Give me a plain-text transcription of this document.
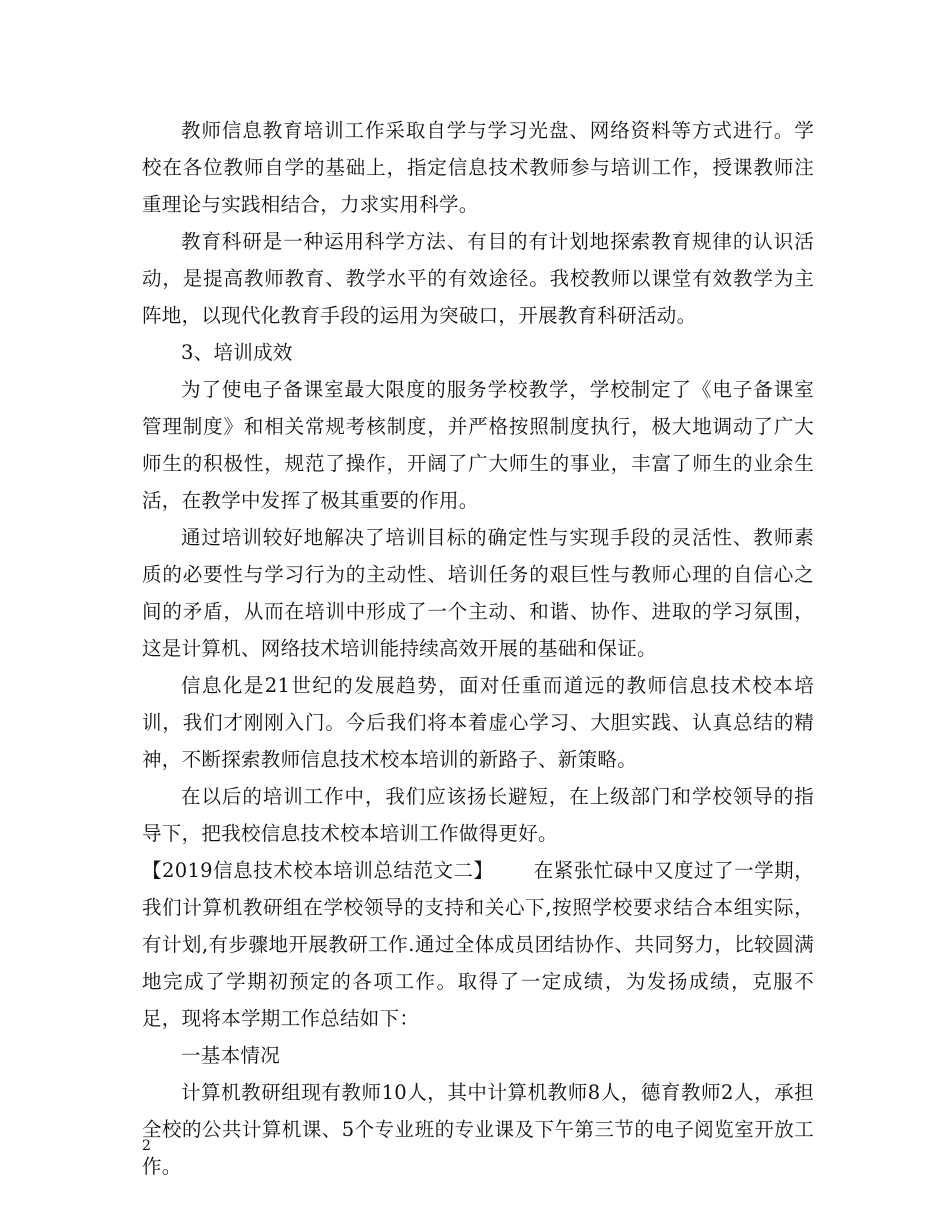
教师信息教育培训工作采取自学与学习光盘、网络资料等方式进行。学校在各位教师自学的基础上，指定信息技术教师参与培训工作，授课教师注重理论与实践相结合，力求实用科学。

教育科研是一种运用科学方法、有目的有计划地探索教育规律的认识活动，是提高教师教育、教学水平的有效途径。我校教师以课堂有效教学为主阵地，以现代化教育手段的运用为突破口，开展教育科研活动。

3、培训成效

为了使电子备课室最大限度的服务学校教学，学校制定了《电子备课室管理制度》和相关常规考核制度，并严格按照制度执行，极大地调动了广大师生的积极性，规范了操作，开阔了广大师生的事业，丰富了师生的业余生活，在教学中发挥了极其重要的作用。

通过培训较好地解决了培训目标的确定性与实现手段的灵活性、教师素质的必要性与学习行为的主动性、培训任务的艰巨性与教师心理的自信心之间的矛盾，从而在培训中形成了一个主动、和谐、协作、进取的学习氛围，这是计算机、网络技术培训能持续高效开展的基础和保证。

信息化是21世纪的发展趋势，面对任重而道远的教师信息技术校本培训，我们才刚刚入门。今后我们将本着虚心学习、大胆实践、认真总结的精神，不断探索教师信息技术校本培训的新路子、新策略。

在以后的培训工作中，我们应该扬长避短，在上级部门和学校领导的指导下，把我校信息技术校本培训工作做得更好。

【2019信息技术校本培训总结范文二】 在紧张忙碌中又度过了一学期，我们计算机教研组在学校领导的支持和关心下,按照学校要求结合本组实际，有计划,有步骤地开展教研工作.通过全体成员团结协作、共同努力，比较圆满地完成了学期初预定的各项工作。取得了一定成绩，为发扬成绩，克服不足，现将本学期工作总结如下：

一基本情况

计算机教研组现有教师10人，其中计算机教师8人，德育教师2人，承担全校的公共计算机课、5个专业班的专业课及下午第三节的电子阅览室开放工作。

2
